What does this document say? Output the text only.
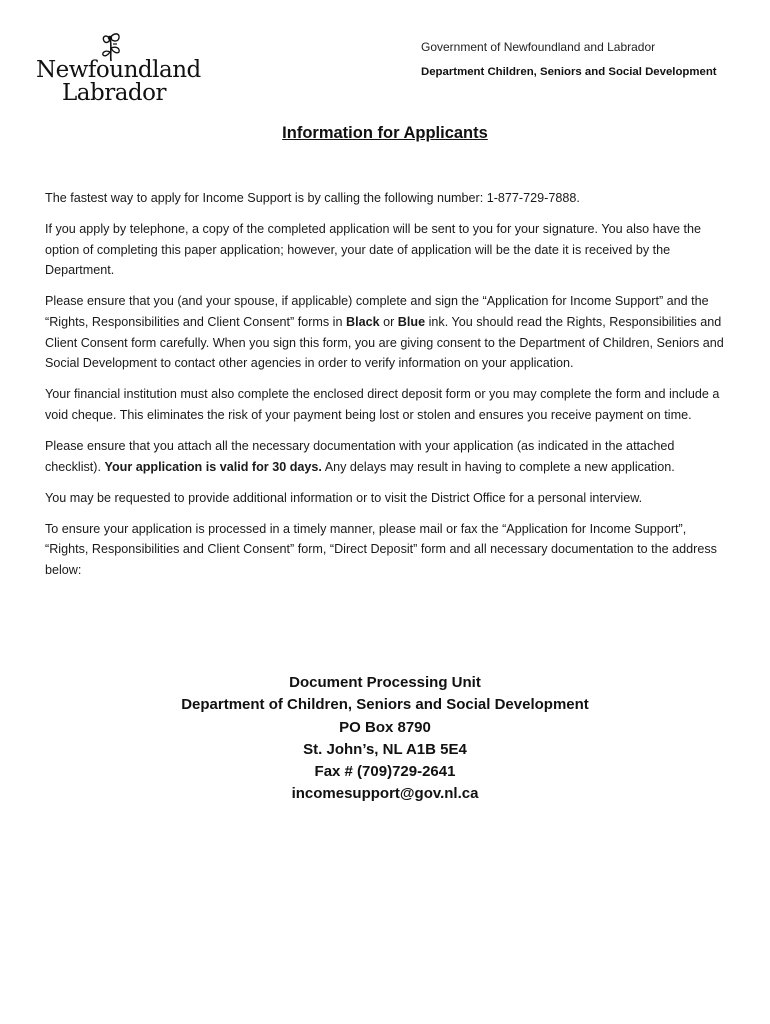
Newfoundland
Labrador
Government of Newfoundland and Labrador
Department Children, Seniors and Social Development
Information for Applicants

The fastest way to apply for Income Support is by calling the following number: 1-877-729-7888.

If you apply by telephone, a copy of the completed application will be sent to you for your signature. You also have the option of completing this paper application; however, your date of application will be the date it is received by the Department.

Please ensure that you (and your spouse, if applicable) complete and sign the “Application for Income Support” and the “Rights, Responsibilities and Client Consent” forms in Black or Blue ink. You should read the Rights, Responsibilities and Client Consent form carefully. When you sign this form, you are giving consent to the Department of Children, Seniors and Social Development to contact other agencies in order to verify information on your application.

Your financial institution must also complete the enclosed direct deposit form or you may complete the form and include a void cheque. This eliminates the risk of your payment being lost or stolen and ensures you receive payment on time.

Please ensure that you attach all the necessary documentation with your application (as indicated in the attached checklist). Your application is valid for 30 days. Any delays may result in having to complete a new application.

You may be requested to provide additional information or to visit the District Office for a personal interview.

To ensure your application is processed in a timely manner, please mail or fax the “Application for Income Support”, “Rights, Responsibilities and Client Consent” form, “Direct Deposit” form and all necessary documentation to the address below:

Document Processing Unit
Department of Children, Seniors and Social Development
PO Box 8790
St. John’s, NL A1B 5E4
Fax # (709)729-2641
incomesupport@gov.nl.ca
